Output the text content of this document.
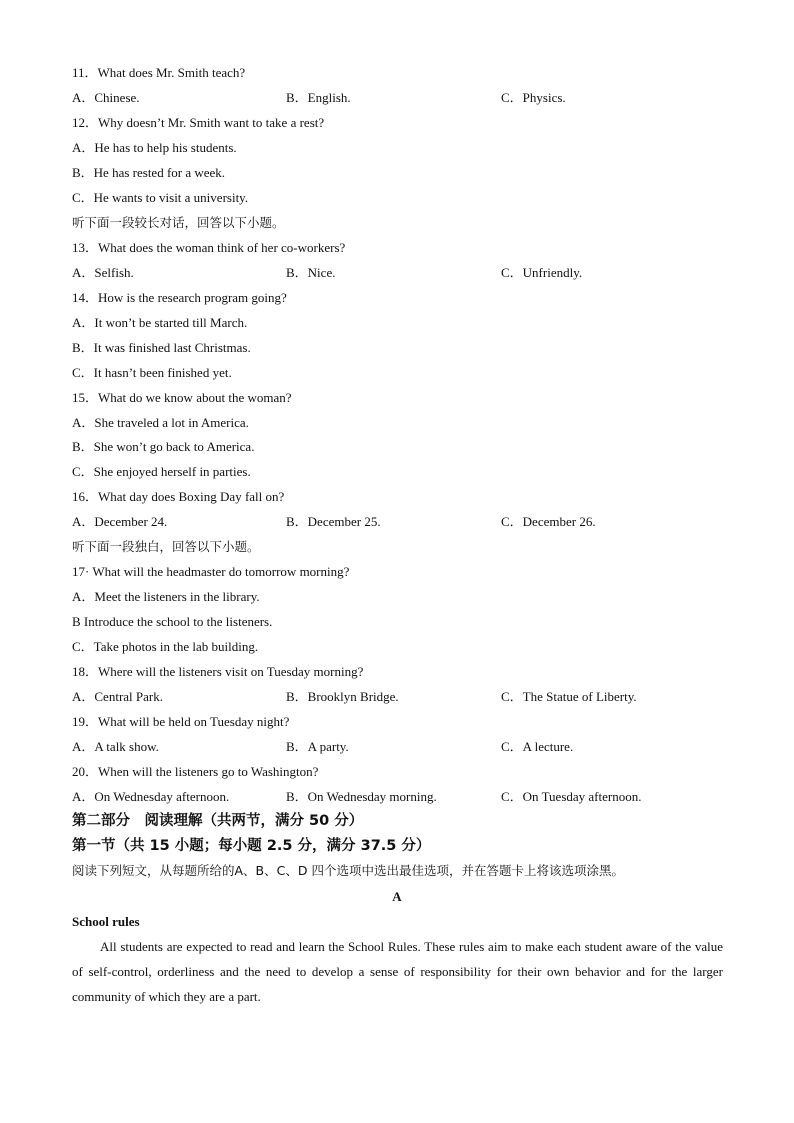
11．What does Mr. Smith teach?
A．Chinese.	B．English.	C．Physics.
12．Why doesn’t Mr. Smith want to take a rest?
A．He has to help his students.
B．He has rested for a week.
C．He wants to visit a university.
听下面一段较长对话，回答以下小题。
13．What does the woman think of her co-workers?
A．Selfish.	B．Nice.	C．Unfriendly.
14．How is the research program going?
A．It won’t be started till March.
B．It was finished last Christmas.
C．It hasn’t been finished yet.
15．What do we know about the woman?
A．She traveled a lot in America.
B．She won’t go back to America.
C．She enjoyed herself in parties.
16．What day does Boxing Day fall on?
A．December 24.	B．December 25.	C．December 26.
听下面一段独白，回答以下小题。
17· What will the headmaster do tomorrow morning?
A．Meet the listeners in the library.
B Introduce the school to the listeners.
C．Take photos in the lab building.
18．Where will the listeners visit on Tuesday morning?
A．Central Park.	B．Brooklyn Bridge.	C．The Statue of Liberty.
19．What will be held on Tuesday night?
A．A talk show.	B．A party.	C．A lecture.
20．When will the listeners go to Washington?
A．On Wednesday afternoon.	B．On Wednesday morning.	C．On Tuesday afternoon.
第二部分　阅读理解（共两节，满分 50 分）
第一节（共 15 小题；每小题 2.5 分，满分 37.5 分）
阅读下列短文，从每题所给的A、B、C、D 四个选项中选出最佳选项，并在答题卡上将该选项涂黑。
A
School rules
All students are expected to read and learn the School Rules. These rules aim to make each student aware of the value of self-control, orderliness and the need to develop a sense of responsibility for their own behavior and for the larger community of which they are a part.
